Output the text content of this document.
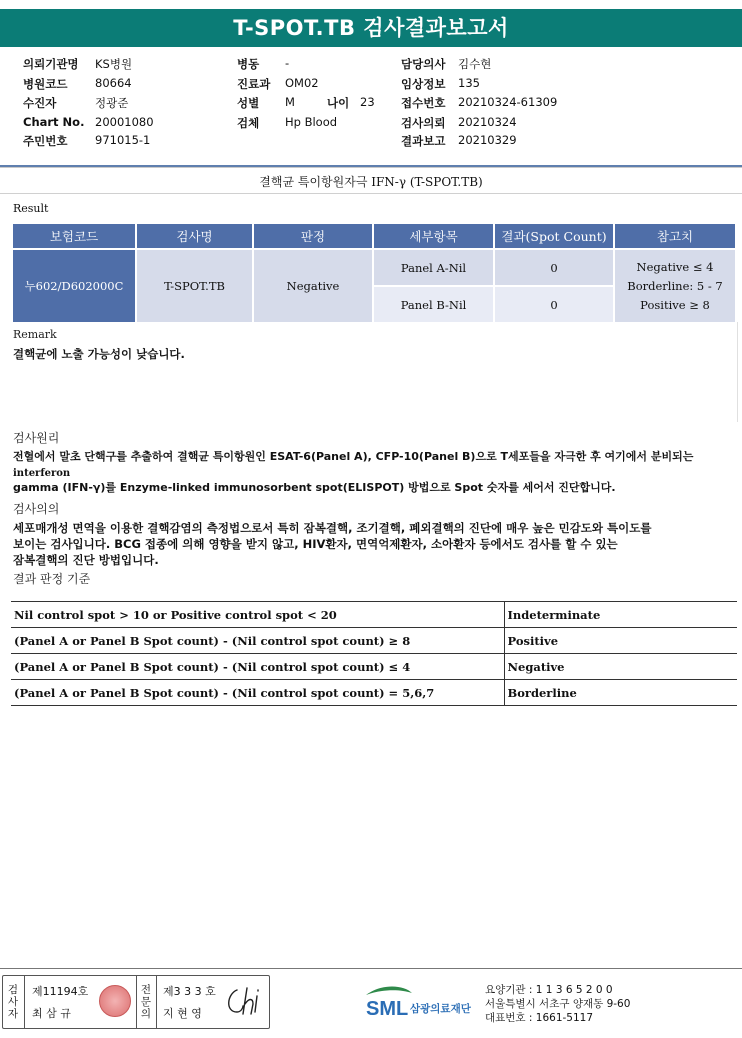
T-SPOT.TB 검사결과보고서
의뢰기관명 KS병원
병원코드 80664
수진자	정광준
Chart No. 20001080
주민번호 971015-1
병동 -
진료과 OM02
성별 M	나이 23
검체 Hp Blood
담당의사 김수현
임상정보 135
접수번호 20210324-61309
검사의뢰 20210324
결과보고 20210329
결핵균 특이항원자극 IFN-γ (T-SPOT.TB)
Result
보험코드	검사명	판정	세부항목	결과(Spot Count)	참고치
누602/D602000C	T-SPOT.TB	Negative	Panel A-Nil	0	Negative ≤ 4
Borderline: 5 - 7
Positive ≥ 8

			Panel B-Nil	0	
Remark
결핵균에 노출 가능성이 낮습니다.
검사원리
전혈에서 말초 단핵구를 추출하여 결핵균 특이항원인 ESAT-6(Panel A), CFP-10(Panel B)으로 T세포들을 자극한 후 여기에서 분비되는
interferon
gamma (IFN-γ)를 Enzyme-linked immunosorbent spot(ELISPOT) 방법으로 Spot 숫자를 세어서 진단합니다.
검사의의
세포매개성 면역을 이용한 결핵감염의 측정법으로서 특히 잠복결핵, 조기결핵, 폐외결핵의 진단에 매우 높은 민감도와 특이도를
보이는 검사입니다. BCG 접종에 의해 영향을 받지 않고, HIV환자, 면역억제환자, 소아환자 등에서도 검사를 할 수 있는
잠복결핵의 진단 방법입니다.
결과 판정 기준
Nil control spot > 10 or Positive control spot < 20	Indeterminate
(Panel A or Panel B Spot count) - (Nil control spot count) ≥ 8	Positive
(Panel A or Panel B Spot count) - (Nil control spot count) ≤ 4	Negative
(Panel A or Panel B Spot count) - (Nil control spot count) = 5,6,7	Borderline
검
사
자
제11194호
최 삼 규
전
문
의
제3 3 3 호
지 현 영	SML 삼광의료재단
요양기관 : 1 1 3 6 5 2 0 0
서울특별시 서초구 양재동 9-60
대표번호 : 1661-5117
